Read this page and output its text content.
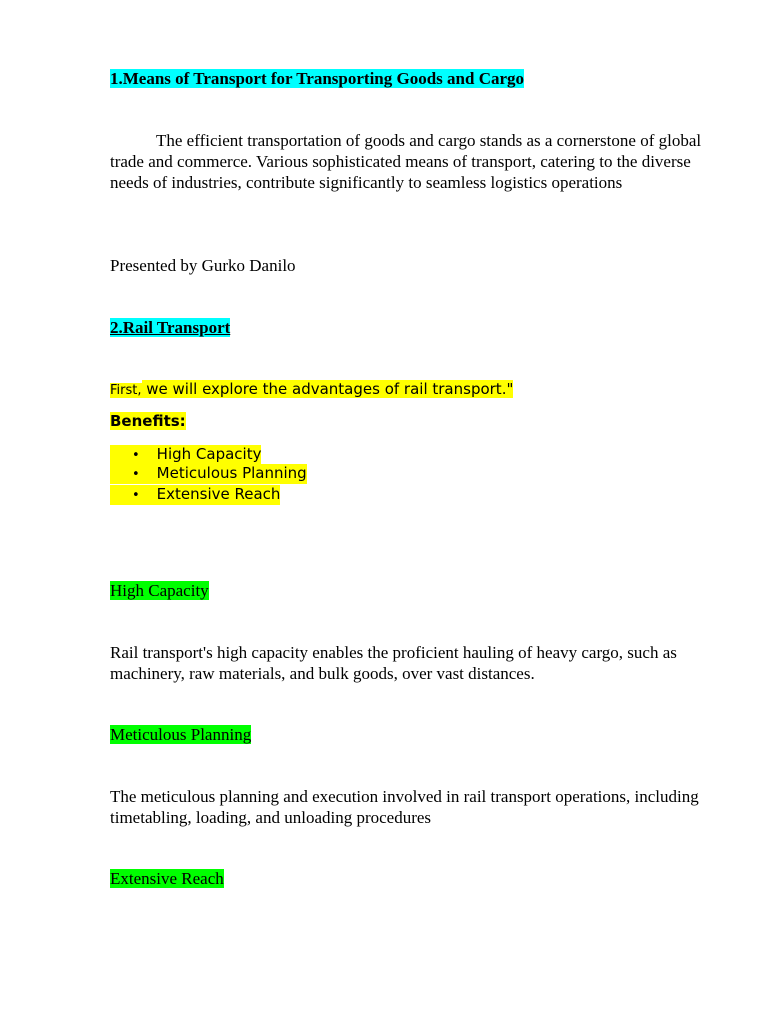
1.Means of Transport for Transporting Goods and Cargo

The efficient transportation of goods and cargo stands as a cornerstone of global trade and commerce. Various sophisticated means of transport, catering to the diverse needs of industries, contribute significantly to seamless logistics operations

Presented by Gurko Danilo
2.Rail Transport
First, we will explore the advantages of rail transport."
Benefits:
• High Capacity
• Meticulous Planning
• Extensive Reach
High Capacity

Rail transport's high capacity enables the proficient hauling of heavy cargo, such as machinery, raw materials, and bulk goods, over vast distances.

Meticulous Planning

The meticulous planning and execution involved in rail transport operations, including timetabling, loading, and unloading procedures

Extensive Reach
